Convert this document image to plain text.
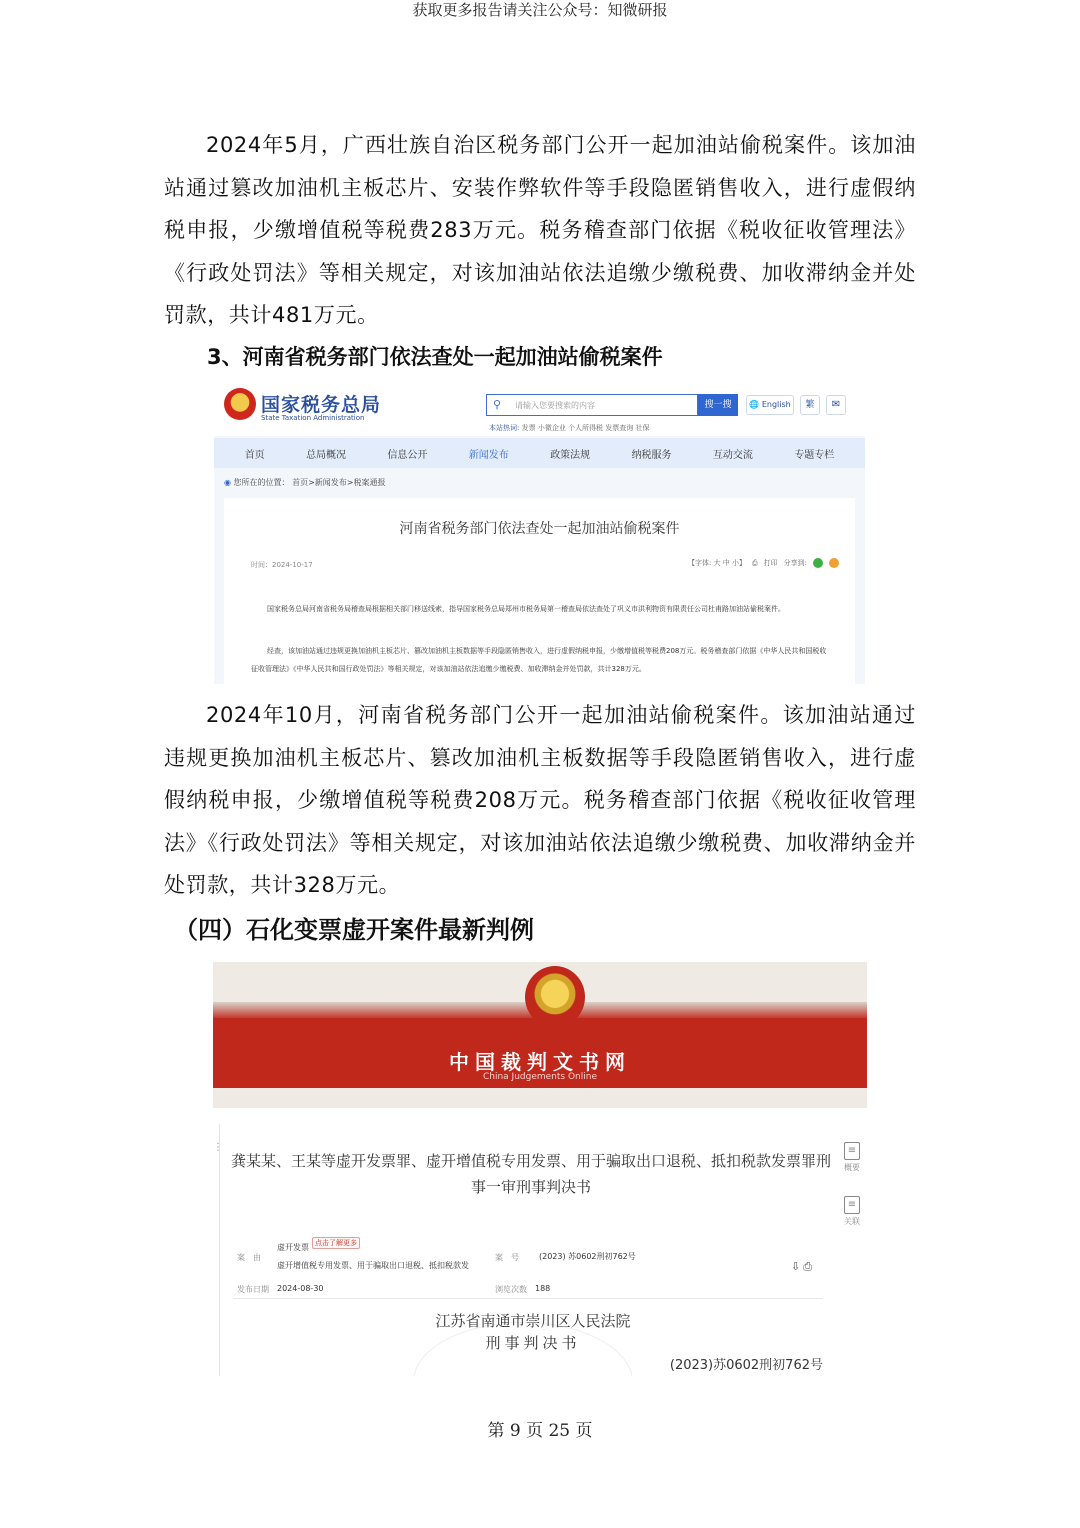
获取更多报告请关注公众号：知微研报

2024年5月，广西壮族自治区税务部门公开一起加油站偷税案件。该加油站通过篡改加油机主板芯片、安装作弊软件等手段隐匿销售收入，进行虚假纳税申报，少缴增值税等税费283万元。税务稽查部门依据《税收征收管理法》《行政处罚法》等相关规定，对该加油站依法追缴少缴税费、加收滞纳金并处罚款，共计481万元。

3、河南省税务部门依法查处一起加油站偷税案件
国家税务总局
State Taxation Administration
⚲ 请输入您要搜索的内容	搜一搜	🌐 English	繁	✉
本站热词: 发票 小微企业 个人所得税 发票查询 社保
首页	总局概况	信息公开	新闻发布	政策法规	纳税服务	互动交流	专题专栏
◉ 您所在的位置： 首页>新闻发布>税案通报
河南省税务部门依法查处一起加油站偷税案件
时间：2024-10-17	【字体: 大 中 小】 ⎙ 打印 分享到:

国家税务总局河南省税务局稽查局根据相关部门移送线索，指导国家税务总局郑州市税务局第一稽查局依法查处了巩义市洪利物资有限责任公司杜甫路加油站偷税案件。

经查，该加油站通过违规更换加油机主板芯片、篡改加油机主板数据等手段隐匿销售收入，进行虚假纳税申报，少缴增值税等税费208万元。税务稽查部门依据《中华人民共和国税收征收管理法》《中华人民共和国行政处罚法》等相关规定，对该加油站依法追缴少缴税费、加收滞纳金并处罚款，共计328万元。

2024年10月，河南省税务部门公开一起加油站偷税案件。该加油站通过违规更换加油机主板芯片、篡改加油机主板数据等手段隐匿销售收入，进行虚假纳税申报，少缴增值税等税费208万元。税务稽查部门依据《税收征收管理法》《行政处罚法》等相关规定，对该加油站依法追缴少缴税费、加收滞纳金并处罚款，共计328万元。

（四）石化变票虚开案件最新判例
中国裁判文书网
China Judgements Online
⋮
龚某某、王某等虚开发票罪、虚开增值税专用发票、用于骗取出口退税、抵扣税款发票罪刑事一审刑事判决书
≡
概要
≡
关联
案　由
虚开发票 点击了解更多
虚开增值税专用发票、用于骗取出口退税、抵扣税款发
案　号	(2023) 苏0602刑初762号
⇩⎙
发布日期 2024-08-30	浏览次数 188
江苏省南通市崇川区人民法院
刑事判决书
(2023)苏0602刑初762号
第 9 页 25 页
